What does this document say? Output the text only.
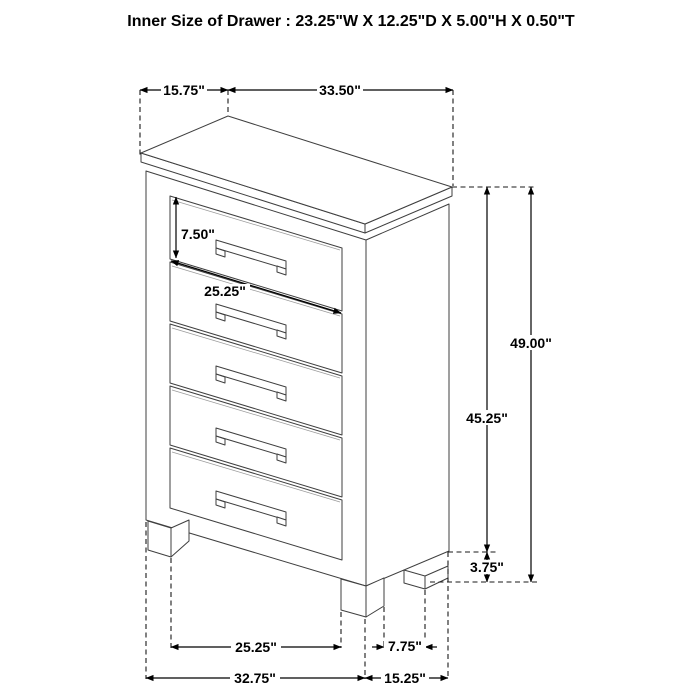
Inner Size of Drawer : 23.25"W X 12.25"D X 5.00"H X 0.50"T
15.75"	33.50"
7.50"
25.25"
45.25"
49.00"
3.75"
25.25"
32.75"
7.75"
15.25"
